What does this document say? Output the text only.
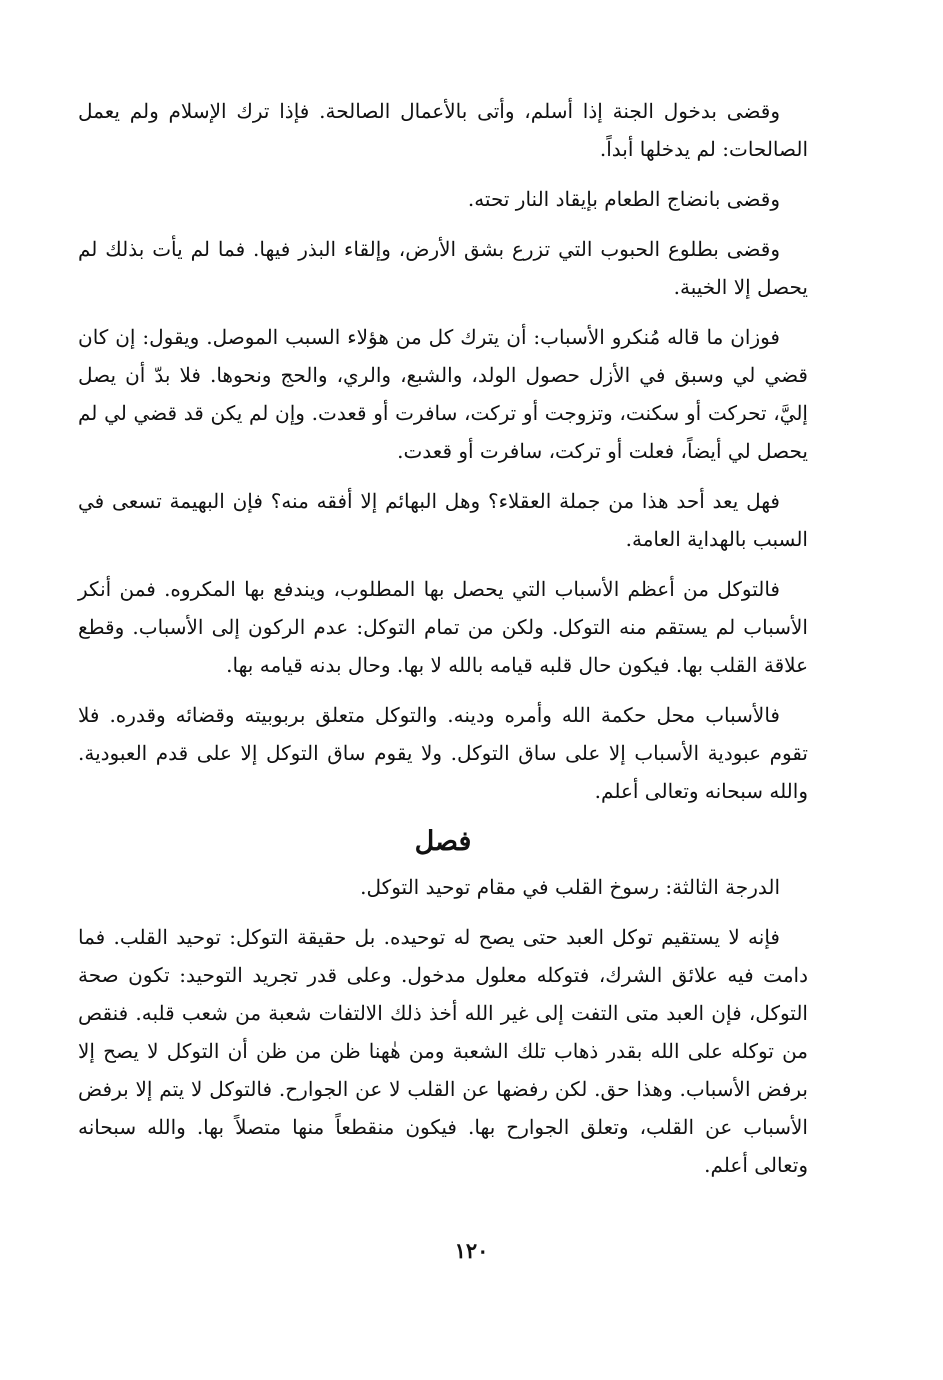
وقضى بدخول الجنة إذا أسلم، وأتى بالأعمال الصالحة. فإذا ترك الإسلام ولم يعمل الصالحات: لم يدخلها أبداً.

وقضى بانضاج الطعام بإيقاد النار تحته.

وقضى بطلوع الحبوب التي تزرع بشق الأرض، وإلقاء البذر فيها. فما لم يأت بذلك لم يحصل إلا الخيبة.

فوزان ما قاله مُنكرو الأسباب: أن يترك كل من هؤلاء السبب الموصل. ويقول: إن كان قضي لي وسبق في الأزل حصول الولد، والشبع، والري، والحج ونحوها. فلا بدّ أن يصل إليَّ، تحركت أو سكنت، وتزوجت أو تركت، سافرت أو قعدت. وإن لم يكن قد قضي لي لم يحصل لي أيضاً، فعلت أو تركت، سافرت أو قعدت.

فهل يعد أحد هذا من جملة العقلاء؟ وهل البهائم إلا أفقه منه؟ فإن البهيمة تسعى في السبب بالهداية العامة.

فالتوكل من أعظم الأسباب التي يحصل بها المطلوب، ويندفع بها المكروه. فمن أنكر الأسباب لم يستقم منه التوكل. ولكن من تمام التوكل: عدم الركون إلى الأسباب. وقطع علاقة القلب بها. فيكون حال قلبه قيامه بالله لا بها. وحال بدنه قيامه بها.

فالأسباب محل حكمة الله وأمره ودينه. والتوكل متعلق بربوبيته وقضائه وقدره. فلا تقوم عبودية الأسباب إلا على ساق التوكل. ولا يقوم ساق التوكل إلا على قدم العبودية. والله سبحانه وتعالى أعلم.

فصل

الدرجة الثالثة: رسوخ القلب في مقام توحيد التوكل.

فإنه لا يستقيم توكل العبد حتى يصح له توحيده. بل حقيقة التوكل: توحيد القلب. فما دامت فيه علائق الشرك، فتوكله معلول مدخول. وعلى قدر تجريد التوحيد: تكون صحة التوكل، فإن العبد متى التفت إلى غير الله أخذ ذلك الالتفات شعبة من شعب قلبه. فنقص من توكله على الله بقدر ذهاب تلك الشعبة ومن هٰهنا ظن من ظن أن التوكل لا يصح إلا برفض الأسباب. وهذا حق. لكن رفضها عن القلب لا عن الجوارح. فالتوكل لا يتم إلا برفض الأسباب عن القلب، وتعلق الجوارح بها. فيكون منقطعاً منها متصلاً بها. والله سبحانه وتعالى أعلم.

١٢٠
